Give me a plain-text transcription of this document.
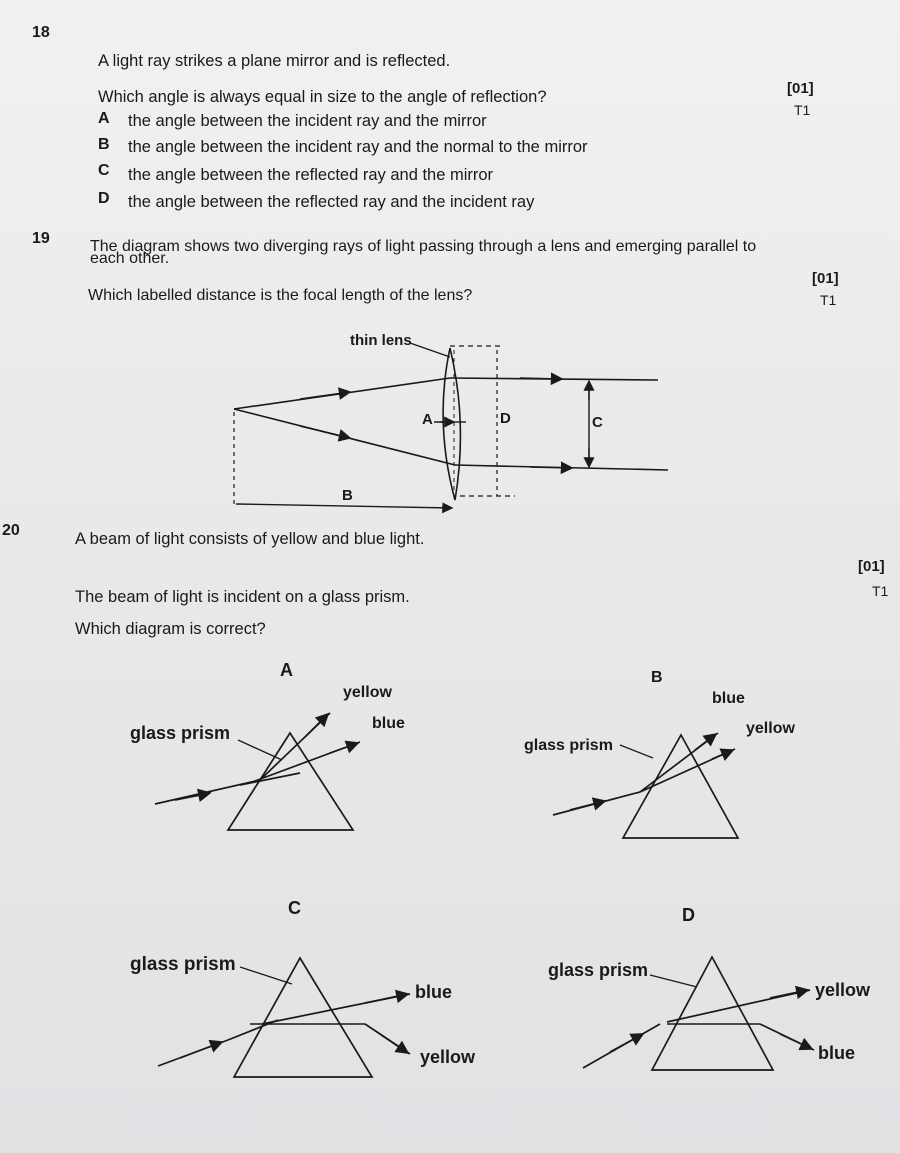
18
A light ray strikes a plane mirror and is reflected.
Which angle is always equal in size to the angle of reflection?	[01]
T1
A the angle between the incident ray and the mirror
B the angle between the incident ray and the normal to the mirror
C the angle between the reflected ray and the mirror
D the angle between the reflected ray and the incident ray
19	The diagram shows two diverging rays of light passing through a lens and emerging parallel to
each other.
[01]
T1
Which labelled distance is the focal length of the lens?
thin lens
A
B
C
D
20	A beam of light consists of yellow and blue light.
[01]
T1
The beam of light is incident on a glass prism.
Which diagram is correct?
A
glass prism
yellow
blue
B
glass prism
blue
yellow
C
glass prism
blue
yellow
D
glass prism
yellow
blue
